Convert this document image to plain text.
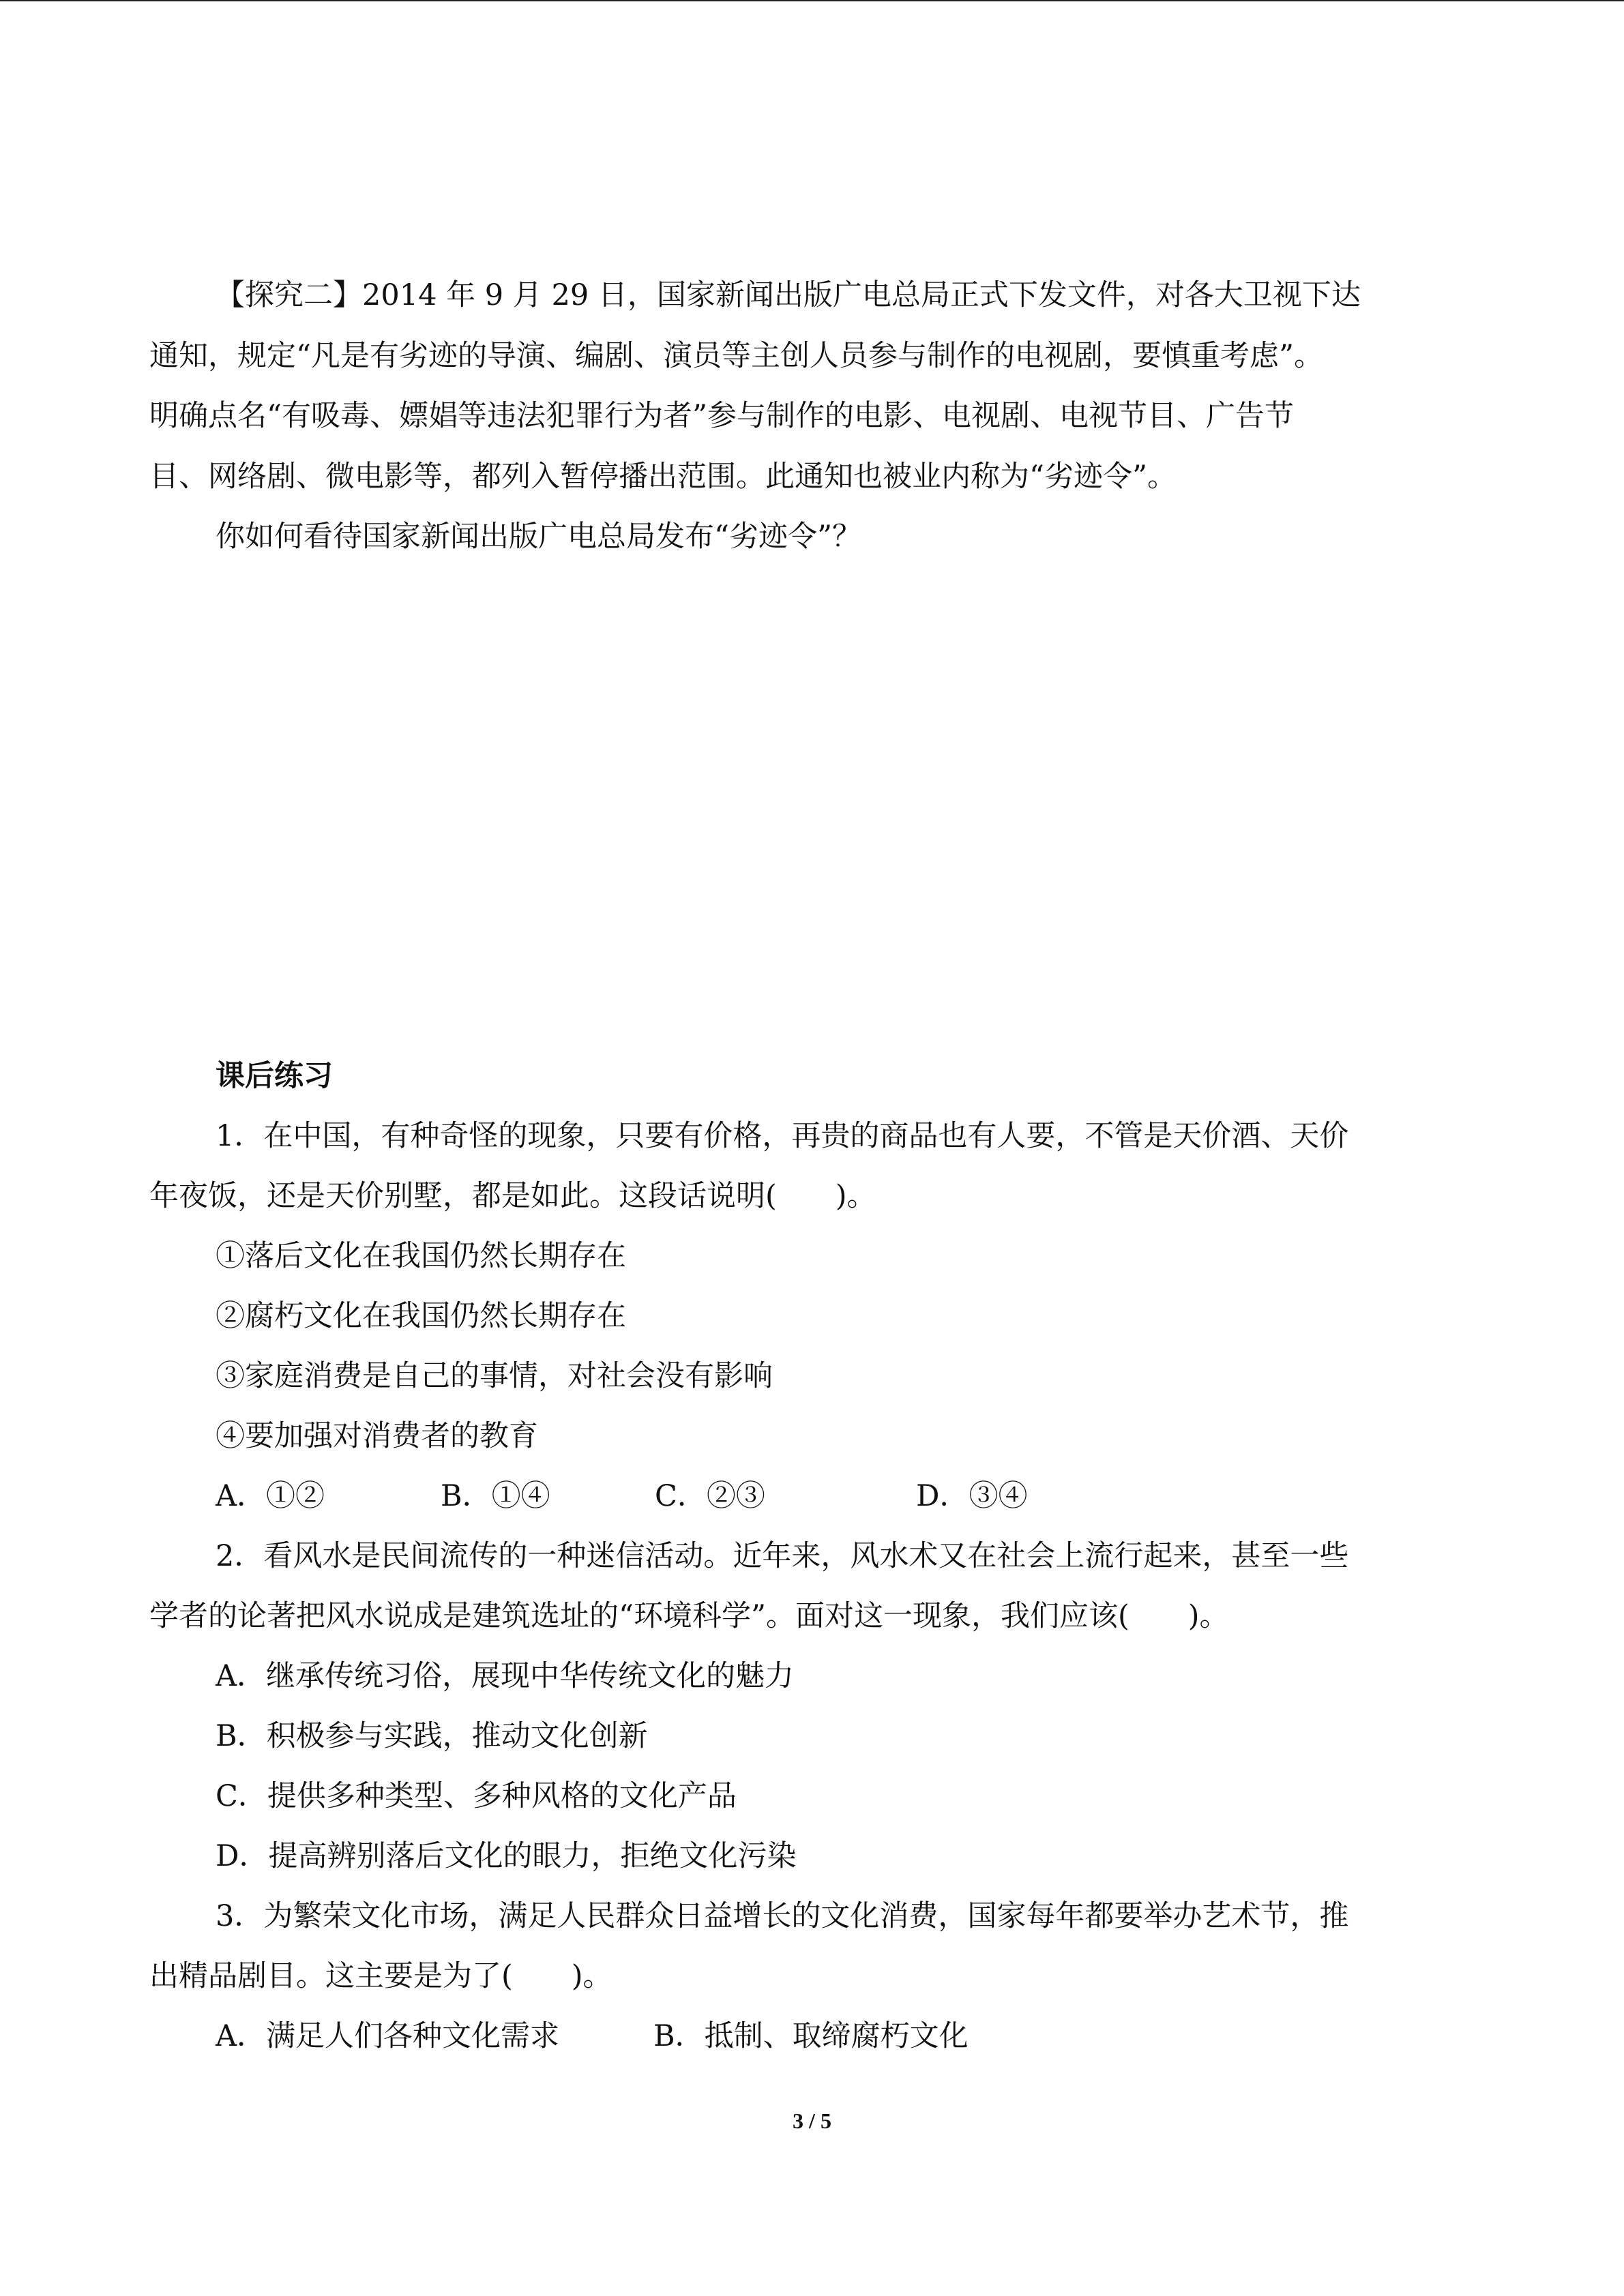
【探究二】2014 年 9 月 29 日，国家新闻出版广电总局正式下发文件，对各大卫视下达
通知，规定“凡是有劣迹的导演、编剧、演员等主创人员参与制作的电视剧，要慎重考虑”。
明确点名“有吸毒、嫖娼等违法犯罪行为者”参与制作的电影、电视剧、电视节目、广告节
目、网络剧、微电影等，都列入暂停播出范围。此通知也被业内称为“劣迹令”。
你如何看待国家新闻出版广电总局发布“劣迹令”？
课后练习
1．在中国，有种奇怪的现象，只要有价格，再贵的商品也有人要，不管是天价酒、天价
年夜饭，还是天价别墅，都是如此。这段话说明(　　)。
①落后文化在我国仍然长期存在
②腐朽文化在我国仍然长期存在
③家庭消费是自己的事情，对社会没有影响
④要加强对消费者的教育
A．①②	B．①④	C．②③	D．③④
2．看风水是民间流传的一种迷信活动。近年来，风水术又在社会上流行起来，甚至一些
学者的论著把风水说成是建筑选址的“环境科学”。面对这一现象，我们应该(　　)。
A．继承传统习俗，展现中华传统文化的魅力
B．积极参与实践，推动文化创新
C．提供多种类型、多种风格的文化产品
D．提高辨别落后文化的眼力，拒绝文化污染
3．为繁荣文化市场，满足人民群众日益增长的文化消费，国家每年都要举办艺术节，推
出精品剧目。这主要是为了(　　)。
A．满足人们各种文化需求	B．抵制、取缔腐朽文化
3 / 5
